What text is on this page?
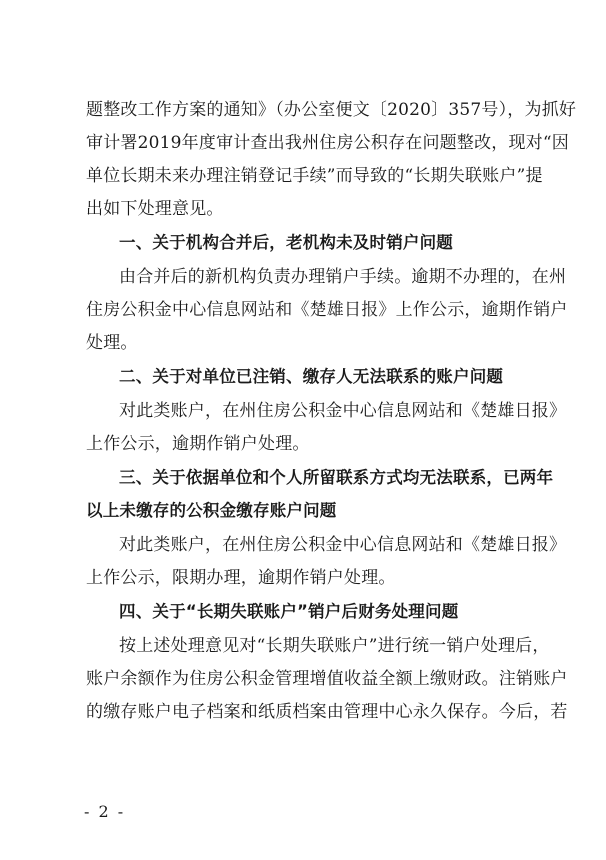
题整改工作方案的通知》（办公室便文〔2020〕357号），为抓好
审计署2019年度审计查出我州住房公积存在问题整改，现对“因
单位长期未来办理注销登记手续”而导致的“长期失联账户”提
出如下处理意见。
一、关于机构合并后，老机构未及时销户问题
由合并后的新机构负责办理销户手续。逾期不办理的，在州
住房公积金中心信息网站和《楚雄日报》上作公示，逾期作销户
处理。
二、关于对单位已注销、缴存人无法联系的账户问题
对此类账户，在州住房公积金中心信息网站和《楚雄日报》
上作公示，逾期作销户处理。
三、关于依据单位和个人所留联系方式均无法联系，已两年
以上未缴存的公积金缴存账户问题
对此类账户，在州住房公积金中心信息网站和《楚雄日报》
上作公示，限期办理，逾期作销户处理。
四、关于“长期失联账户”销户后财务处理问题
按上述处理意见对“长期失联账户”进行统一销户处理后，
账户余额作为住房公积金管理增值收益全额上缴财政。注销账户
的缴存账户电子档案和纸质档案由管理中心永久保存。今后，若
- 2 -
